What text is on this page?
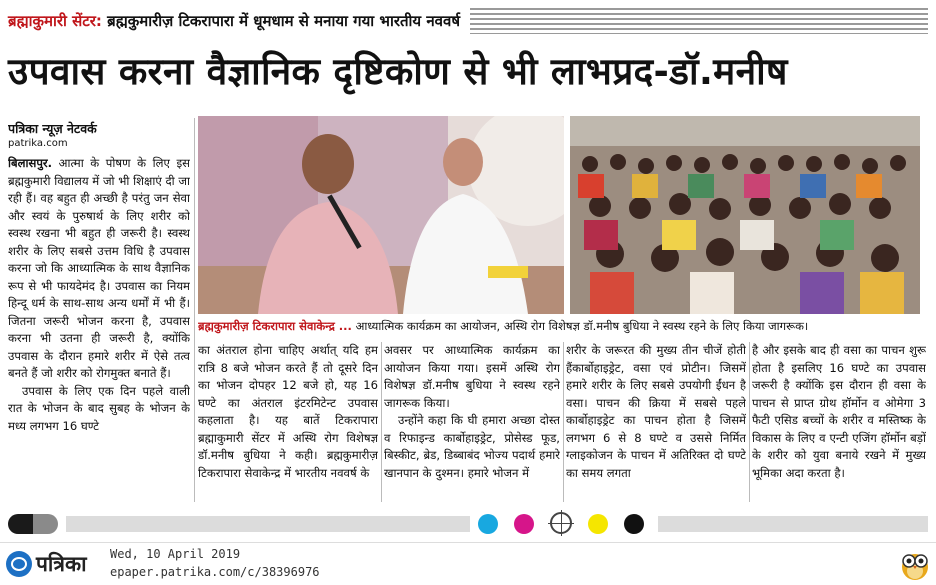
ब्रह्माकुमारी सेंटर: ब्रह्मकुमारीज़ टिकरापारा में धूमधाम से मनाया गया भारतीय नववर्ष
उपवास करना वैज्ञानिक दृष्टिकोण से भी लाभप्रद-डॉ.मनीष
पत्रिका न्यूज़ नेटवर्क
patrika.com

बिलासपुर. आत्मा के पोषण के लिए इस ब्रह्मकुमारी विद्यालय में जो भी शिक्षाएं दी जा रही हैं। वह बहुत ही अच्छी है परंतु जन सेवा और स्वयं के पुरुषार्थ के लिए शरीर को स्वस्थ रखना भी बहुत ही जरूरी है। स्वस्थ शरीर के लिए सबसे उत्तम विधि है उपवास करना जो कि आध्यात्मिक के साथ वैज्ञानिक रूप से भी फायदेमंद है। उपवास का नियम हिन्दू धर्म के साथ-साथ अन्य धर्मों में भी हैं। जितना जरूरी भोजन करना है, उपवास करना भी उतना ही जरूरी है, क्योंकि उपवास के दौरान हमारे शरीर में ऐसे तत्व बनते हैं जो शरीर को रोगमुक्त बनाते हैं।

उपवास के लिए एक दिन पहले वाली रात के भोजन के बाद सुबह के भोजन के मध्य लगभग 16 घण्टे

ब्रह्मकुमारीज़ टिकरापारा सेवाकेन्द्र ... आध्यात्मिक कार्यक्रम का आयोजन, अस्थि रोग विशेषज्ञ डॉ.मनीष बुधिया ने स्वस्थ रहने के लिए किया जागरूक।

का अंतराल होना चाहिए अर्थात् यदि हम रात्रि 8 बजे भोजन करते हैं तो दूसरे दिन का भोजन दोपहर 12 बजे हो, यह 16 घण्टे का अंतराल इंटरमिटेन्ट उपवास कहलाता है। यह बातें टिकरापारा ब्रह्माकुमारी सेंटर में अस्थि रोग विशेषज्ञ डॉ.मनीष बुधिया ने कही। ब्रह्मकुमारीज़ टिकरापारा सेवाकेन्द्र में भारतीय नववर्ष के

अवसर पर आध्यात्मिक कार्यक्रम का आयोजन किया गया। इसमें अस्थि रोग विशेषज्ञ डॉ.मनीष बुधिया ने स्वस्थ रहने जागरूक किया।

उन्होंने कहा कि घी हमारा अच्छा दोस्त व रिफाइन्ड कार्बोहाइड्रेट, प्रोसेस्ड फूड, बिस्कीट, ब्रेड, डिब्बाबंद भोज्य पदार्थ हमारे खानपान के दुश्मन। हमारे भोजन में

शरीर के जरूरत की मुख्य तीन चीजें होती हैंकार्बोहाइड्रेट, वसा एवं प्रोटीन। जिसमें हमारे शरीर के लिए सबसे उपयोगी ईंधन है वसा। पाचन की क्रिया में सबसे पहले कार्बोहाइड्रेट का पाचन होता है जिसमें लगभग 6 से 8 घण्टे व उससे निर्मित ग्लाइकोजन के पाचन में अतिरिक्त दो घण्टे का समय लगता

है और इसके बाद ही वसा का पाचन शुरू होता है इसलिए 16 घण्टे का उपवास जरूरी है क्योंकि इस दौरान ही वसा के पाचन से प्राप्त ग्रोथ हॉर्मोन व ओमेगा 3 फैटी एसिड बच्चों के शरीर व मस्तिष्क के विकास के लिए व एन्टी एजिंग हॉर्मोन बड़ों के शरीर को युवा बनाये रखने में मुख्य भूमिका अदा करता है।

पत्रिका Wed, 10 April 2019
epaper.patrika.com/c/38396976
